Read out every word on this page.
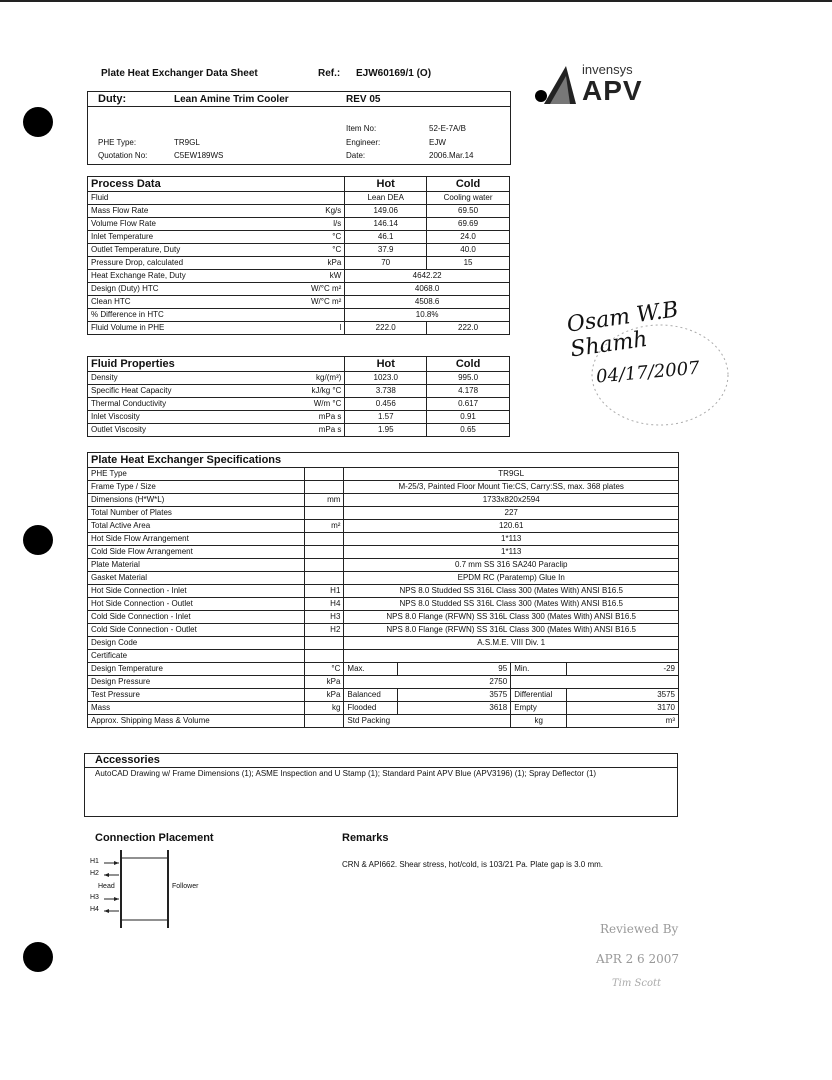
Plate Heat Exchanger Data Sheet	Ref.: EJW60169/1 (O)	invensys
APV
Duty:	Lean Amine Trim Cooler	REV 05
Item No:	52-E-7A/B
PHE Type:	TR9GL	Engineer:	EJW
Quotation No:	C5EW189WS	Date:	2006.Mar.14
Process Data	Hot	Cold
Fluid	Lean DEA	Cooling water
Mass Flow Rate Kg/s	149.06	69.50
Volume Flow Rate l/s	146.14	69.69
Inlet Temperature °C	46.1	24.0
Outlet Temperature, Duty °C	37.9	40.0
Pressure Drop, calculated kPa	70	15
Heat Exchange Rate, Duty kW	4642.22	
Design (Duty) HTC W/°C m²	4068.0	
Clean HTC W/°C m²	4508.6	
% Difference in HTC	10.8%	
Fluid Volume in PHE l	222.0	222.0
Fluid Properties	Hot	Cold
Density kg/(m³)	1023.0	995.0
Specific Heat Capacity kJ/kg °C	3.738	4.178
Thermal Conductivity W/m °C	0.456	0.617
Inlet Viscosity mPa s	1.57	0.91
Outlet Viscosity mPa s	1.95	0.65
Plate Heat Exchanger Specifications					
PHE Type		TR9GL			
Frame Type / Size		M-25/3, Painted Floor Mount Tie:CS, Carry:SS, max. 368 plates			
Dimensions (H*W*L)	mm	1733x820x2594			
Total Number of Plates		227			
Total Active Area	m²	120.61			
Hot Side Flow Arrangement		1*113			
Cold Side Flow Arrangement		1*113			
Plate Material		0.7 mm SS 316 SA240 Paraclip			
Gasket Material		EPDM RC (Paratemp) Glue In			
Hot Side Connection - Inlet	H1	NPS 8.0 Studded SS 316L Class 300 (Mates With) ANSI B16.5			
Hot Side Connection - Outlet	H4	NPS 8.0 Studded SS 316L Class 300 (Mates With) ANSI B16.5			
Cold Side Connection - Inlet	H3	NPS 8.0 Flange (RFWN) SS 316L Class 300 (Mates With) ANSI B16.5			
Cold Side Connection - Outlet	H2	NPS 8.0 Flange (RFWN) SS 316L Class 300 (Mates With) ANSI B16.5			
Design Code		A.S.M.E. VIII Div. 1			
Certificate					
Design Temperature	°C	Max.	95	Min.	-29
Design Pressure	kPa	2750			
Test Pressure	kPa	Balanced	3575	Differential	3575
Mass	kg	Flooded	3618	Empty	3170
Approx. Shipping Mass & Volume		Std Packing		kg	m³
Accessories
AutoCAD Drawing w/ Frame Dimensions (1); ASME Inspection and U Stamp (1); Standard Paint APV Blue (APV3196) (1); Spray Deflector (1)
Connection Placement
H1
H2
Head
H3
H4
Follower
Remarks
CRN & API662. Shear stress, hot/cold, is 103/21 Pa. Plate gap is 3.0 mm.
Osam W.B Shamh
04/17/2007
Reviewed By
APR 2 6 2007
Tim Scott
